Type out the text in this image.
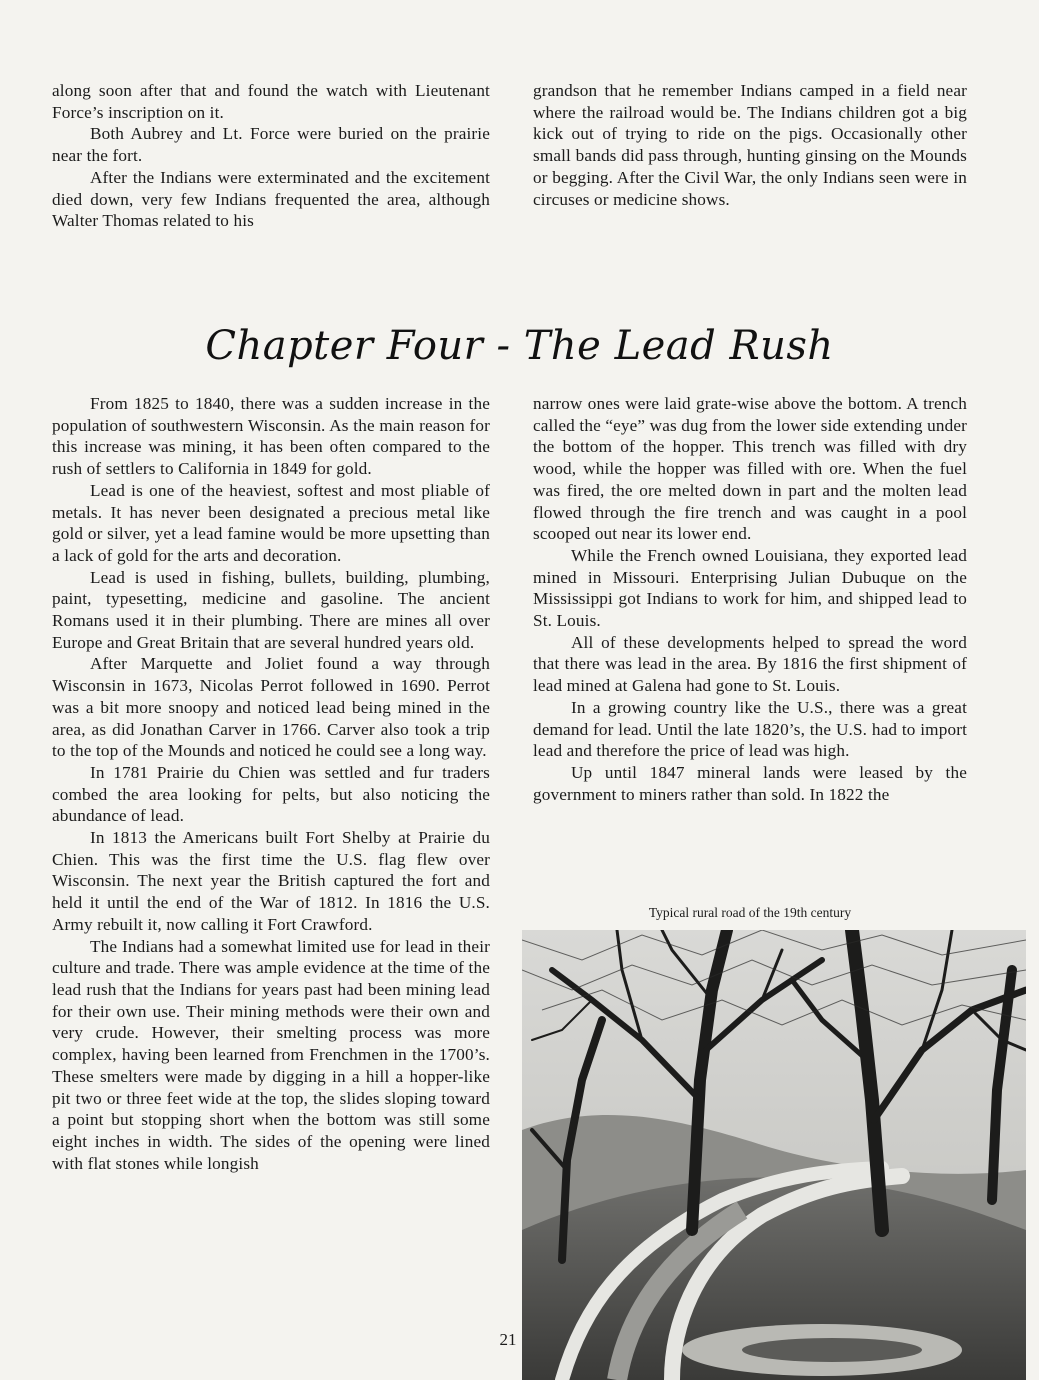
along soon after that and found the watch with Lieutenant Force’s inscription on it.

Both Aubrey and Lt. Force were buried on the prairie near the fort.

After the Indians were exterminated and the excitement died down, very few Indians frequented the area, although Walter Thomas related to his

grandson that he remember Indians camped in a field near where the railroad would be. The Indians children got a big kick out of trying to ride on the pigs. Occasionally other small bands did pass through, hunting ginsing on the Mounds or begging. After the Civil War, the only Indians seen were in circuses or medicine shows.

Chapter Four - The Lead Rush

From 1825 to 1840, there was a sudden increase in the population of southwestern Wisconsin. As the main reason for this increase was mining, it has been often compared to the rush of settlers to California in 1849 for gold.

Lead is one of the heaviest, softest and most pliable of metals. It has never been designated a precious metal like gold or silver, yet a lead famine would be more upsetting than a lack of gold for the arts and decoration.

Lead is used in fishing, bullets, building, plumbing, paint, typesetting, medicine and gasoline. The ancient Romans used it in their plumbing. There are mines all over Europe and Great Britain that are several hundred years old.

After Marquette and Joliet found a way through Wisconsin in 1673, Nicolas Perrot followed in 1690. Perrot was a bit more snoopy and noticed lead being mined in the area, as did Jonathan Carver in 1766. Carver also took a trip to the top of the Mounds and noticed he could see a long way.

In 1781 Prairie du Chien was settled and fur traders combed the area looking for pelts, but also noticing the abundance of lead.

In 1813 the Americans built Fort Shelby at Prairie du Chien. This was the first time the U.S. flag flew over Wisconsin. The next year the British captured the fort and held it until the end of the War of 1812. In 1816 the U.S. Army rebuilt it, now calling it Fort Crawford.

The Indians had a somewhat limited use for lead in their culture and trade. There was ample evidence at the time of the lead rush that the Indians for years past had been mining lead for their own use. Their mining methods were their own and very crude. However, their smelting process was more complex, having been learned from Frenchmen in the 1700’s. These smelters were made by digging in a hill a hopper-like pit two or three feet wide at the top, the slides sloping toward a point but stopping short when the bottom was still some eight inches in width. The sides of the opening were lined with flat stones while longish

narrow ones were laid grate-wise above the bottom. A trench called the “eye” was dug from the lower side extending under the bottom of the hopper. This trench was filled with dry wood, while the hopper was filled with ore. When the fuel was fired, the ore melted down in part and the molten lead flowed through the fire trench and was caught in a pool scooped out near its lower end.

While the French owned Louisiana, they exported lead mined in Missouri. Enterprising Julian Dubuque on the Mississippi got Indians to work for him, and shipped lead to St. Louis.

All of these developments helped to spread the word that there was lead in the area. By 1816 the first shipment of lead mined at Galena had gone to St. Louis.

In a growing country like the U.S., there was a great demand for lead. Until the late 1820’s, the U.S. had to import lead and therefore the price of lead was high.

Up until 1847 mineral lands were leased by the government to miners rather than sold. In 1822 the

Typical rural road of the 19th century
21
